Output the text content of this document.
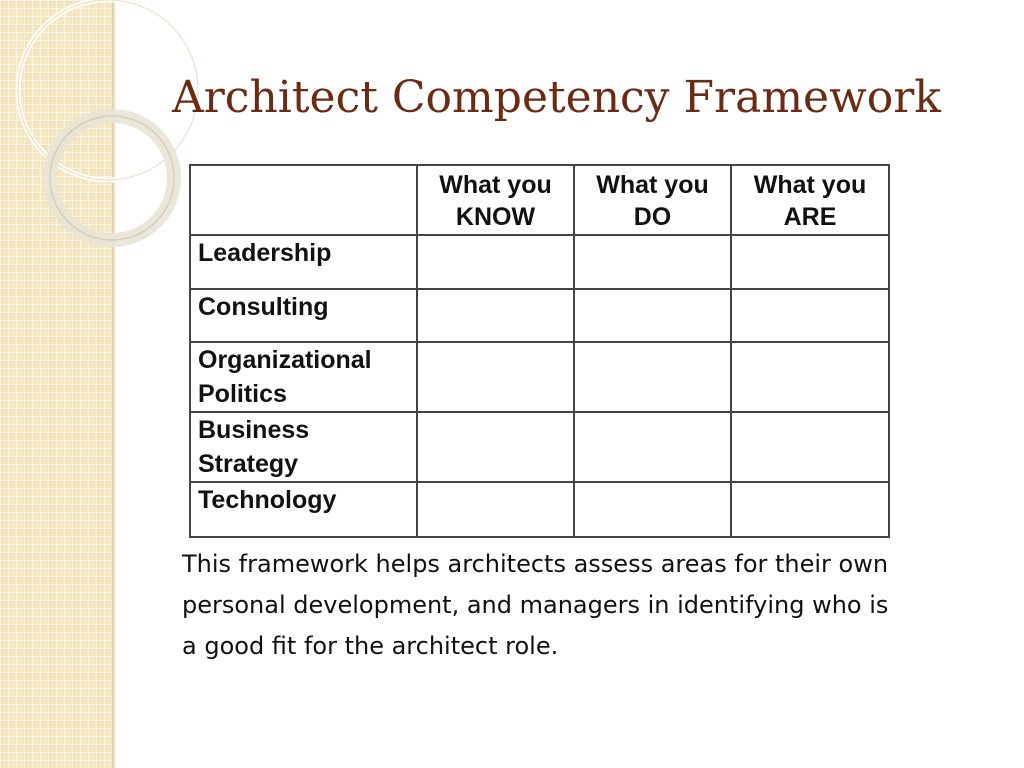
Architect Competency Framework
	What you KNOW	What you DO	What you ARE
Leadership			
Consulting			
Organizational Politics			
Business Strategy			
Technology			

This framework helps architects assess areas for their own personal development, and managers in identifying who is a good fit for the architect role.
